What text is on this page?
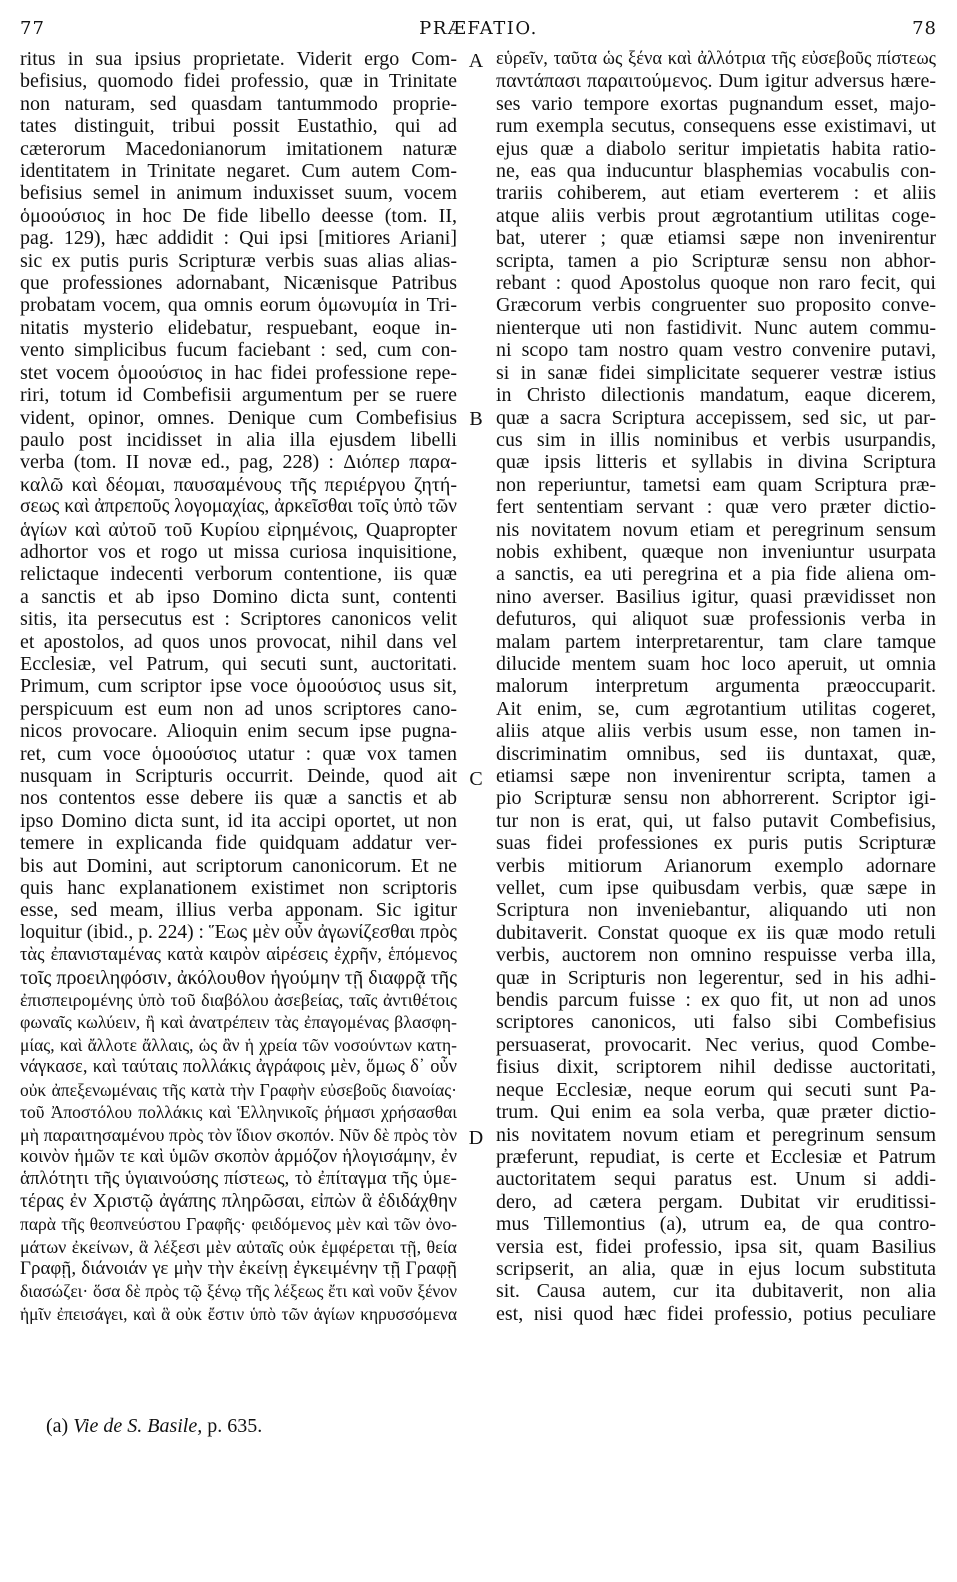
77	PRÆFATIO.	78
ritus in sua ipsius proprietate. Viderit ergo Com-
befisius, quomodo fidei professio, quæ in Trinitate
non naturam, sed quasdam tantummodo proprie-
tates distinguit, tribui possit Eustathio, qui ad
cæterorum Macedonianorum imitationem naturæ
identitatem in Trinitate negaret. Cum autem Com-
befisius semel in animum induxisset suum, vocem
ὁμοούσιος in hoc De fide libello deesse (tom. II,
pag. 129), hæc addidit : Qui ipsi [mitiores Ariani]
sic ex putis puris Scripturæ verbis suas alias alias-
que professiones adornabant, Nicænisque Patribus
probatam vocem, qua omnis eorum ὁμωνυμία in Tri-
nitatis mysterio elidebatur, respuebant, eoque in-
vento simplicibus fucum faciebant : sed, cum con-
stet vocem ὁμοούσιος in hac fidei professione repe-
riri, totum id Combefisii argumentum per se ruere
vident, opinor, omnes. Denique cum Combefisius
paulo post incidisset in alia illa ejusdem libelli
verba (tom. II novæ ed., pag, 228) : Διόπερ παρα-
καλῶ καὶ δέομαι, παυσαμένους τῆς περιέργου ζητή-
σεως καὶ ἀπρεποῦς λογομαχίας, ἀρκεῖσθαι τοῖς ὑπὸ τῶν
ἁγίων καὶ αὐτοῦ τοῦ Κυρίου εἰρημένοις, Quapropter
adhortor vos et rogo ut missa curiosa inquisitione,
relictaque indecenti verborum contentione, iis quæ
a sanctis et ab ipso Domino dicta sunt, contenti
sitis, ita persecutus est : Scriptores canonicos velit
et apostolos, ad quos unos provocat, nihil dans vel
Ecclesiæ, vel Patrum, qui secuti sunt, auctoritati.
Primum, cum scriptor ipse voce ὁμοούσιος usus sit,
perspicuum est eum non ad unos scriptores cano-
nicos provocare. Alioquin enim secum ipse pugna-
ret, cum voce ὁμοούσιος utatur : quæ vox tamen
nusquam in Scripturis occurrit. Deinde, quod ait
nos contentos esse debere iis quæ a sanctis et ab
ipso Domino dicta sunt, id ita accipi oportet, ut non
temere in explicanda fide quidquam addatur ver-
bis aut Domini, aut scriptorum canonicorum. Et ne
quis hanc explanationem existimet non scriptoris
esse, sed meam, illius verba apponam. Sic igitur
loquitur (ibid., p. 224) : Ἕως μὲν οὖν ἀγωνίζεσθαι πρὸς
τὰς ἐπανισταμένας κατὰ καιρὸν αἱρέσεις ἐχρῆν, ἑπόμενος
τοῖς προειληφόσιν, ἀκόλουθον ἡγούμην τῇ διαφρᾷ τῆς
ἐπισπειρομένης ὑπὸ τοῦ διαβόλου ἀσεβείας, ταῖς ἀντιθέτοις
φωναῖς κωλύειν, ἢ καὶ ἀνατρέπειν τὰς ἐπαγομένας βλασφη-
μίας, καὶ ἄλλοτε ἄλλαις, ὡς ἂν ἡ χρεία τῶν νοσούντων κατη-
νάγκασε, καὶ ταύταις πολλάκις ἀγράφοις μὲν, ὅμως δ᾽ οὖν
οὐκ ἀπεξενωμέναις τῆς κατὰ τὴν Γραφὴν εὐσεβοῦς διανοίας·
τοῦ Ἀποστόλου πολλάκις καὶ Ἑλληνικοῖς ῥήμασι χρήσασθαι
μὴ παραιτησαμένου πρὸς τὸν ἴδιον σκοπόν. Νῦν δὲ πρὸς τὸν
κοινὸν ἡμῶν τε καὶ ὑμῶν σκοπὸν ἁρμόζον ἡλογισάμην, ἐν
ἁπλότητι τῆς ὑγιαινούσης πίστεως, τὸ ἐπίταγμα τῆς ὑμε-
τέρας ἐν Χριστῷ ἀγάπης πληρῶσαι, εἰπὼν ἃ ἐδιδάχθην
παρὰ τῆς θεοπνεύστου Γραφῆς· φειδόμενος μὲν καὶ τῶν ὀνο-
μάτων ἐκείνων, ἃ λέξεσι μὲν αὐταῖς οὐκ ἐμφέρεται τῇ, θεία
Γραφῇ, διάνοιάν γε μὴν τὴν ἐκείνῃ ἐγκειμένην τῇ Γραφῇ
διασώζει· ὅσα δὲ πρὸς τῷ ξένῳ τῆς λέξεως ἔτι καὶ νοῦν ξένον
ἡμῖν ἐπεισάγει, καὶ ἃ οὐκ ἔστιν ὑπὸ τῶν ἁγίων κηρυσσόμενα
εὑρεῖν, ταῦτα ὡς ξένα καὶ ἀλλότρια τῆς εὐσεβοῦς πίστεως
παντάπασι παραιτούμενος. Dum igitur adversus hære-
ses vario tempore exortas pugnandum esset, majo-
rum exempla secutus, consequens esse existimavi, ut
ejus quæ a diabolo seritur impietatis habita ratio-
ne, eas qua inducuntur blasphemias vocabulis con-
trariis cohiberem, aut etiam everterem : et aliis
atque aliis verbis prout ægrotantium utilitas coge-
bat, uterer ; quæ etiamsi sæpe non invenirentur
scripta, tamen a pio Scripturæ sensu non abhor-
rebant : quod Apostolus quoque non raro fecit, qui
Græcorum verbis congruenter suo proposito conve-
nienterque uti non fastidivit. Nunc autem commu-
ni scopo tam nostro quam vestro convenire putavi,
si in sanæ fidei simplicitate sequerer vestræ istius
in Christo dilectionis mandatum, eaque dicerem,
quæ a sacra Scriptura accepissem, sed sic, ut par-
cus sim in illis nominibus et verbis usurpandis,
quæ ipsis litteris et syllabis in divina Scriptura
non reperiuntur, tametsi eam quam Scriptura præ-
fert sententiam servant : quæ vero præter dictio-
nis novitatem novum etiam et peregrinum sensum
nobis exhibent, quæque non inveniuntur usurpata
a sanctis, ea uti peregrina et a pia fide aliena om-
nino averser. Basilius igitur, quasi prævidisset non
defuturos, qui aliquot suæ professionis verba in
malam partem interpretarentur, tam clare tamque
dilucide mentem suam hoc loco aperuit, ut omnia
malorum interpretum argumenta præoccuparit.
Ait enim, se, cum ægrotantium utilitas cogeret,
aliis atque aliis verbis usum esse, non tamen in-
discriminatim omnibus, sed iis duntaxat, quæ,
etiamsi sæpe non invenirentur scripta, tamen a
pio Scripturæ sensu non abhorrerent. Scriptor igi-
tur non is erat, qui, ut falso putavit Combefisius,
suas fidei professiones ex puris putis Scripturæ
verbis mitiorum Arianorum exemplo adornare
vellet, cum ipse quibusdam verbis, quæ sæpe in
Scriptura non inveniebantur, aliquando uti non
dubitaverit. Constat quoque ex iis quæ modo retuli
verbis, auctorem non omnino respuisse verba illa,
quæ in Scripturis non legerentur, sed in his adhi-
bendis parcum fuisse : ex quo fit, ut non ad unos
scriptores canonicos, uti falso sibi Combefisius
persuaserat, provocarit. Nec verius, quod Combe-
fisius dixit, scriptorem nihil dedisse auctoritati,
neque Ecclesiæ, neque eorum qui secuti sunt Pa-
trum. Qui enim ea sola verba, quæ præter dictio-
nis novitatem novum etiam et peregrinum sensum
præferunt, repudiat, is certe et Ecclesiæ et Patrum
auctoritatem sequi paratus est. Unum si addi-
dero, ad cætera pergam. Dubitat vir eruditissi-
mus Tillemontius (a), utrum ea, de qua contro-
versia est, fidei professio, ipsa sit, quam Basilius
scripserit, an alia, quæ in ejus locum substituta
sit. Causa autem, cur ita dubitaverit, non alia
est, nisi quod hæc fidei professio, potius peculiare
A
B
C
D
(a) Vie de S. Basile, p. 635.
